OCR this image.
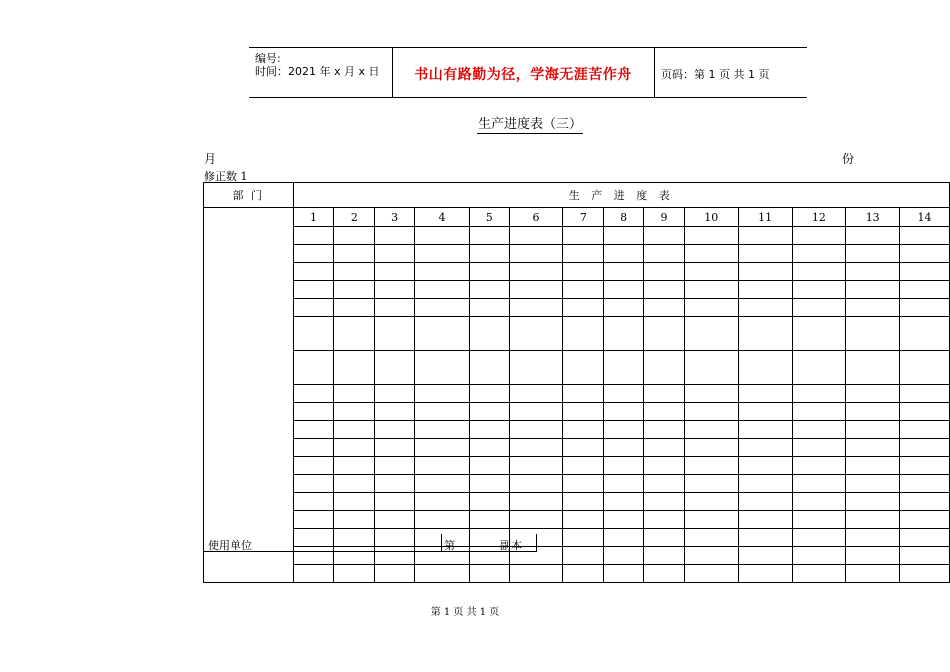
编号:
时间：2021 年 x 月 x 日	书山有路勤为径，学海无涯苦作舟	页码：第 1 页 共 1 页
生产进度表（三）
月	份
修正数 1
部 门	生 产 进 度 表													
	1	2	3	4	5	6	7	8	9	10	11	12	13	14

使用单位	第	副本
第 1 页 共 1 页
